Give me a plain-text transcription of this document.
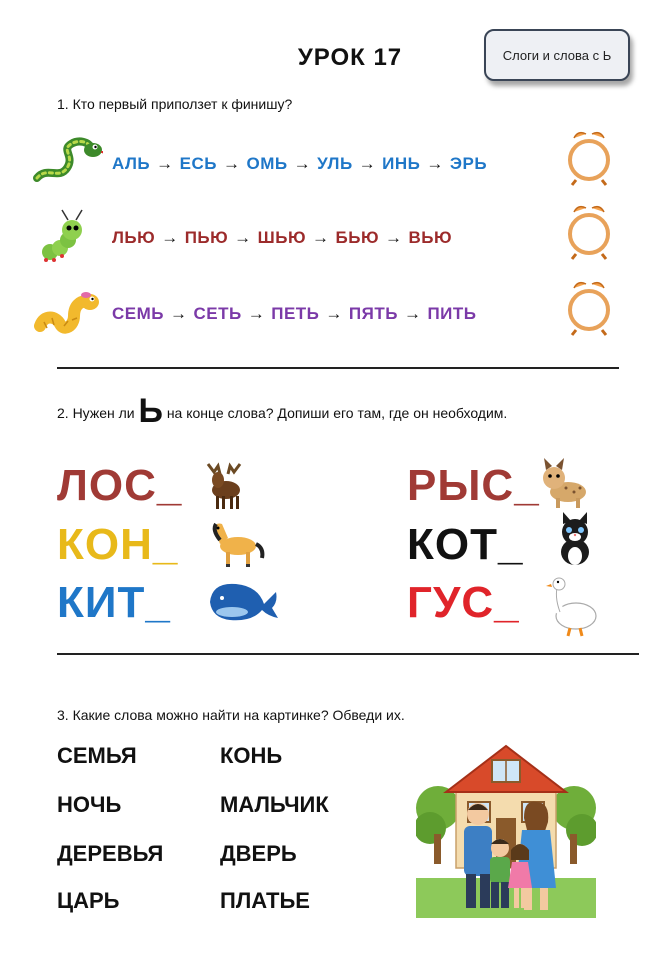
УРОК 17	Слоги и слова с Ь
1. Кто первый приползет к финишу?
АЛЬ → ЕСЬ → ОМЬ → УЛЬ → ИНЬ → ЭРЬ
ЛЬЮ → ПЬЮ → ШЬЮ → БЬЮ → ВЬЮ
СЕМЬ → СЕТЬ → ПЕТЬ → ПЯТЬ → ПИТЬ
2. Нужен ли Ь на конце слова? Допиши его там, где он необходим.
ЛОС_
КОН_
КИТ_
РЫС_
КОТ_
ГУС_
3. Какие слова можно найти на картинке? Обведи их.
СЕМЬЯ
НОЧЬ
ДЕРЕВЬЯ
ЦАРЬ
КОНЬ
МАЛЬЧИК
ДВЕРЬ
ПЛАТЬЕ
